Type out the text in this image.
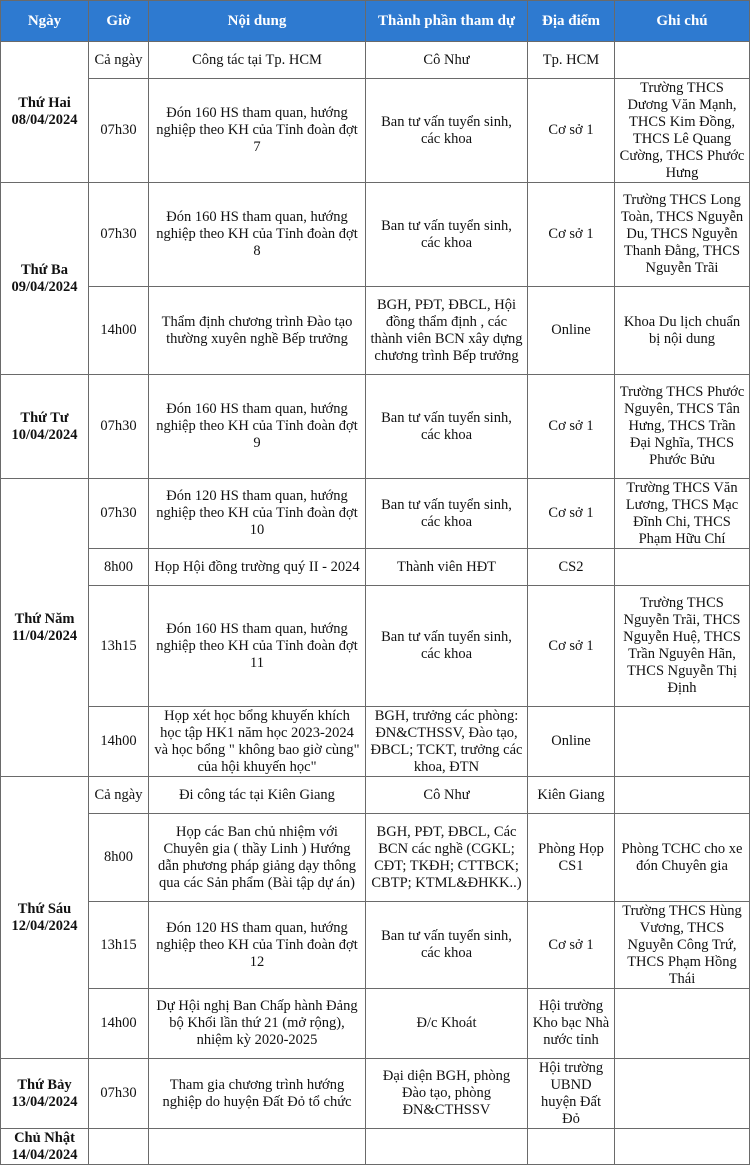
Ngày	Giờ	Nội dung	Thành phần tham dự	Địa điểm	Ghi chú

Thứ Hai
08/04/2024	Cả ngày	Công tác tại Tp. HCM	Cô Như	Tp. HCM	
	07h30	Đón 160 HS tham quan, hướng nghiệp theo KH của Tỉnh đoàn đợt 7	Ban tư vấn tuyển sinh, các khoa	Cơ sở 1	Trường THCS Dương Văn Mạnh, THCS Kim Đồng, THCS Lê Quang Cường, THCS Phước Hưng

Thứ Ba
09/04/2024	07h30	Đón 160 HS tham quan, hướng nghiệp theo KH của Tỉnh đoàn đợt 8	Ban tư vấn tuyển sinh, các khoa	Cơ sở 1	Trường THCS Long Toàn, THCS Nguyễn Du, THCS Nguyễn Thanh Đằng, THCS Nguyễn Trãi
	14h00	Thẩm định chương trình Đào tạo thường xuyên nghề Bếp trưởng	BGH, PĐT, ĐBCL, Hội đồng thẩm định , các thành viên BCN xây dựng chương trình Bếp trưởng	Online	Khoa Du lịch chuẩn bị nội dung

Thứ Tư
10/04/2024	07h30	Đón 160 HS tham quan, hướng nghiệp theo KH của Tỉnh đoàn đợt 9	Ban tư vấn tuyển sinh, các khoa	Cơ sở 1	Trường THCS Phước Nguyên, THCS Tân Hưng, THCS Trần Đại Nghĩa, THCS Phước Bửu

Thứ Năm
11/04/2024	07h30	Đón 120 HS tham quan, hướng nghiệp theo KH của Tỉnh đoàn đợt 10	Ban tư vấn tuyển sinh, các khoa	Cơ sở 1	Trường THCS Văn Lương, THCS Mạc Đĩnh Chi, THCS Phạm Hữu Chí
	8h00	Họp Hội đồng trường quý II - 2024	Thành viên HĐT	CS2	
	13h15	Đón 160 HS tham quan, hướng nghiệp theo KH của Tỉnh đoàn đợt 11	Ban tư vấn tuyển sinh, các khoa	Cơ sở 1	Trường THCS Nguyễn Trãi, THCS Nguyễn Huệ, THCS Trần Nguyên Hãn, THCS Nguyễn Thị Định
	14h00	Họp xét học bổng khuyến khích học tập HK1 năm học 2023-2024 và học bổng " không bao giờ cùng" của hội khuyến học"	BGH, trưởng các phòng: ĐN&CTHSSV, Đào tạo, ĐBCL; TCKT, trưởng các khoa, ĐTN	Online	

Thứ Sáu
12/04/2024	Cả ngày	Đi công tác tại Kiên Giang	Cô Như	Kiên Giang	
	8h00	Họp các Ban chủ nhiệm với Chuyên gia ( thầy Linh ) Hướng dẫn phương pháp giảng dạy thông qua các Sản phẩm (Bài tập dự án)	BGH, PĐT, ĐBCL, Các BCN các nghề (CGKL; CĐT; TKĐH; CTTBCK; CBTP; KTML&ĐHKK..)	Phòng Họp CS1	Phòng TCHC cho xe đón Chuyên gia
	13h15	Đón 120 HS tham quan, hướng nghiệp theo KH của Tỉnh đoàn đợt 12	Ban tư vấn tuyển sinh, các khoa	Cơ sở 1	Trường THCS Hùng Vương, THCS Nguyễn Công Trứ, THCS Phạm Hồng Thái
	14h00	Dự Hội nghị Ban Chấp hành Đảng bộ Khối lần thứ 21 (mở rộng), nhiệm kỳ 2020-2025	Đ/c Khoát	Hội trường Kho bạc Nhà nước tỉnh	

Thứ Bảy
13/04/2024	07h30	Tham gia chương trình hướng nghiệp do huyện Đất Đỏ tổ chức	Đại diện BGH, phòng Đào tạo, phòng ĐN&CTHSSV	Hội trường UBND huyện Đất Đỏ	

Chủ Nhật
14/04/2024					
